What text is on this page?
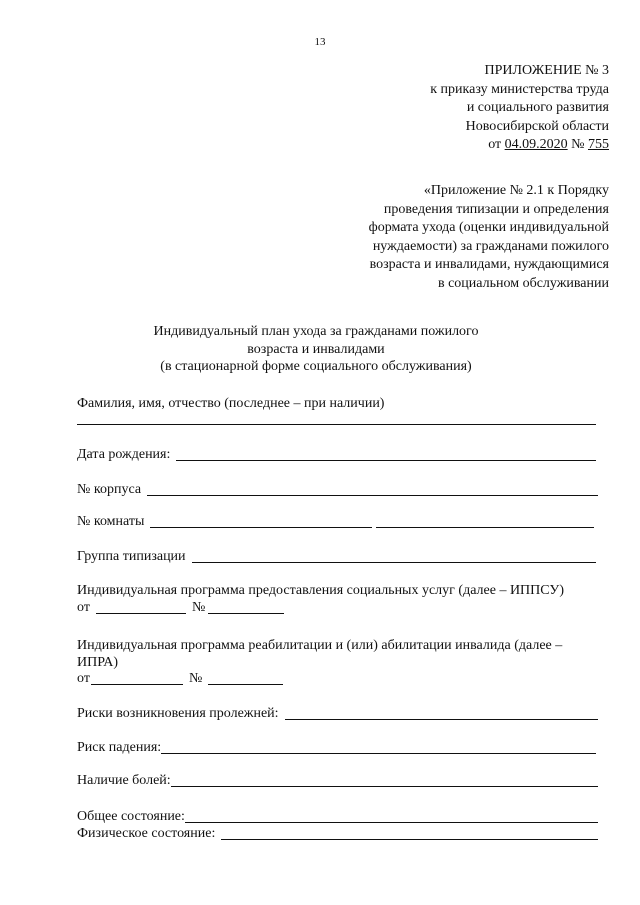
13
ПРИЛОЖЕНИЕ № 3
к приказу министерства труда
и социального развития
Новосибирской области
от 04.09.2020 № 755
«Приложение № 2.1 к Порядку
проведения типизации и определения
формата ухода (оценки индивидуальной
нуждаемости) за гражданами пожилого
возраста и инвалидами, нуждающимися
в социальном обслуживании
Индивидуальный план ухода за гражданами пожилого
возраста и инвалидами
(в стационарной форме социального обслуживания)
Фамилия, имя, отчество (последнее – при наличии)
Дата рождения:
№ корпуса
№ комнаты
Группа типизации
Индивидуальная программа предоставления социальных услуг (далее – ИППСУ)
от	№
Индивидуальная программа реабилитации и (или) абилитации инвалида (далее –
ИПРА)
от	№
Риски возникновения пролежней:
Риск падения:
Наличие болей:
Общее состояние:
Физическое состояние:
